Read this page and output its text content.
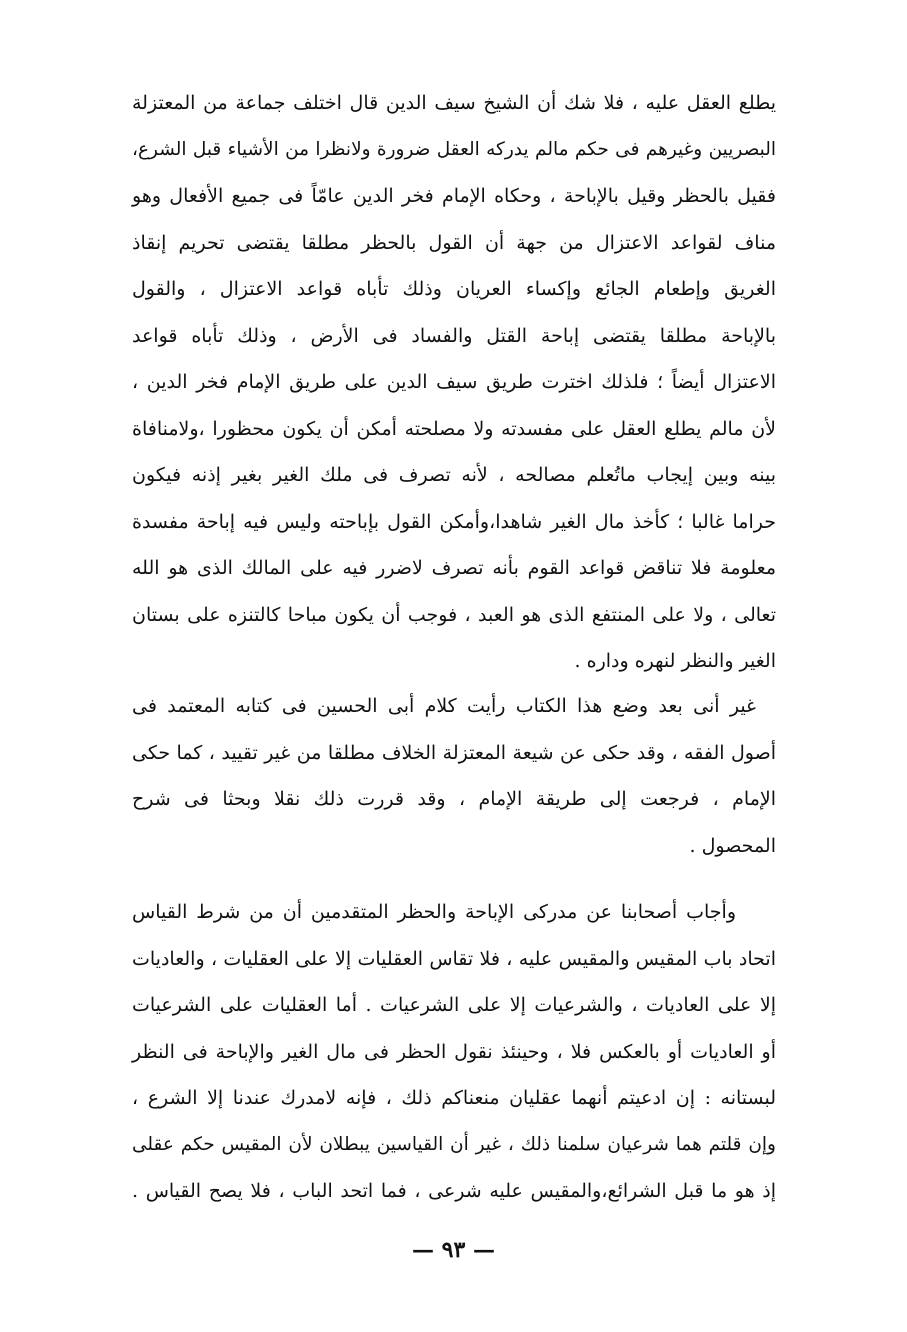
يطلع العقل عليه ، فلا شك أن الشيخ سيف الدين قال اختلف جماعة من المعتزلة
البصريين وغيرهم فى حكم مالم يدركه العقل ضرورة ولانظرا من الأشياء قبل الشرع،
فقيل بالحظر وقيل بالإباحة ، وحكاه الإمام فخر الدين عامّاً فى جميع الأفعال وهو
مناف لقواعد الاعتزال من جهة أن القول بالحظر مطلقا يقتضى تحريم إنقاذ
الغريق وإطعام الجائع وإكساء العريان وذلك تأباه قواعد الاعتزال ، والقول
بالإباحة مطلقا يقتضى إباحة القتل والفساد فى الأرض ، وذلك تأباه قواعد
الاعتزال أيضاً ؛ فلذلك اخترت طريق سيف الدين على طريق الإمام فخر الدين ،
لأن مالم يطلع العقل على مفسدته ولا مصلحته أمكن أن يكون محظورا ،ولامنافاة
بينه وبين إيجاب ماتُعلم مصالحه ، لأنه تصرف فى ملك الغير بغير إذنه فيكون
حراما غالبا ؛ كأخذ مال الغير شاهدا،وأمكن القول بإباحته وليس فيه إباحة مفسدة
معلومة فلا تناقض قواعد القوم بأنه تصرف لاضرر فيه على المالك الذى هو الله
تعالى ، ولا على المنتفع الذى هو العبد ، فوجب أن يكون مباحا كالتنزه على بستان
الغير والنظر لنهره وداره .
غير أنى بعد وضع هذا الكتاب رأيت كلام أبى الحسين فى كتابه المعتمد فى
أصول الفقه ، وقد حكى عن شيعة المعتزلة الخلاف مطلقا من غير تقييد ، كما حكى
الإمام ، فرجعت إلى طريقة الإمام ، وقد قررت ذلك نقلا وبحثا فى شرح
المحصول .
وأجاب أصحابنا عن مدركى الإباحة والحظر المتقدمين أن من شرط القياس
اتحاد باب المقيس والمقيس عليه ، فلا تقاس العقليات إلا على العقليات ، والعاديات
إلا على العاديات ، والشرعيات إلا على الشرعيات . أما العقليات على الشرعيات
أو العاديات أو بالعكس فلا ، وحينئذ نقول الحظر فى مال الغير والإباحة فى النظر
لبستانه : إن ادعيتم أنهما عقليان منعناكم ذلك ، فإنه لامدرك عندنا إلا الشرع ،
وإن قلتم هما شرعيان سلمنا ذلك ، غير أن القياسين يبطلان لأن المقيس حكم عقلى
إذ هو ما قبل الشرائع،والمقيس عليه شرعى ، فما اتحد الباب ، فلا يصح القياس .
— ٩٣ —
